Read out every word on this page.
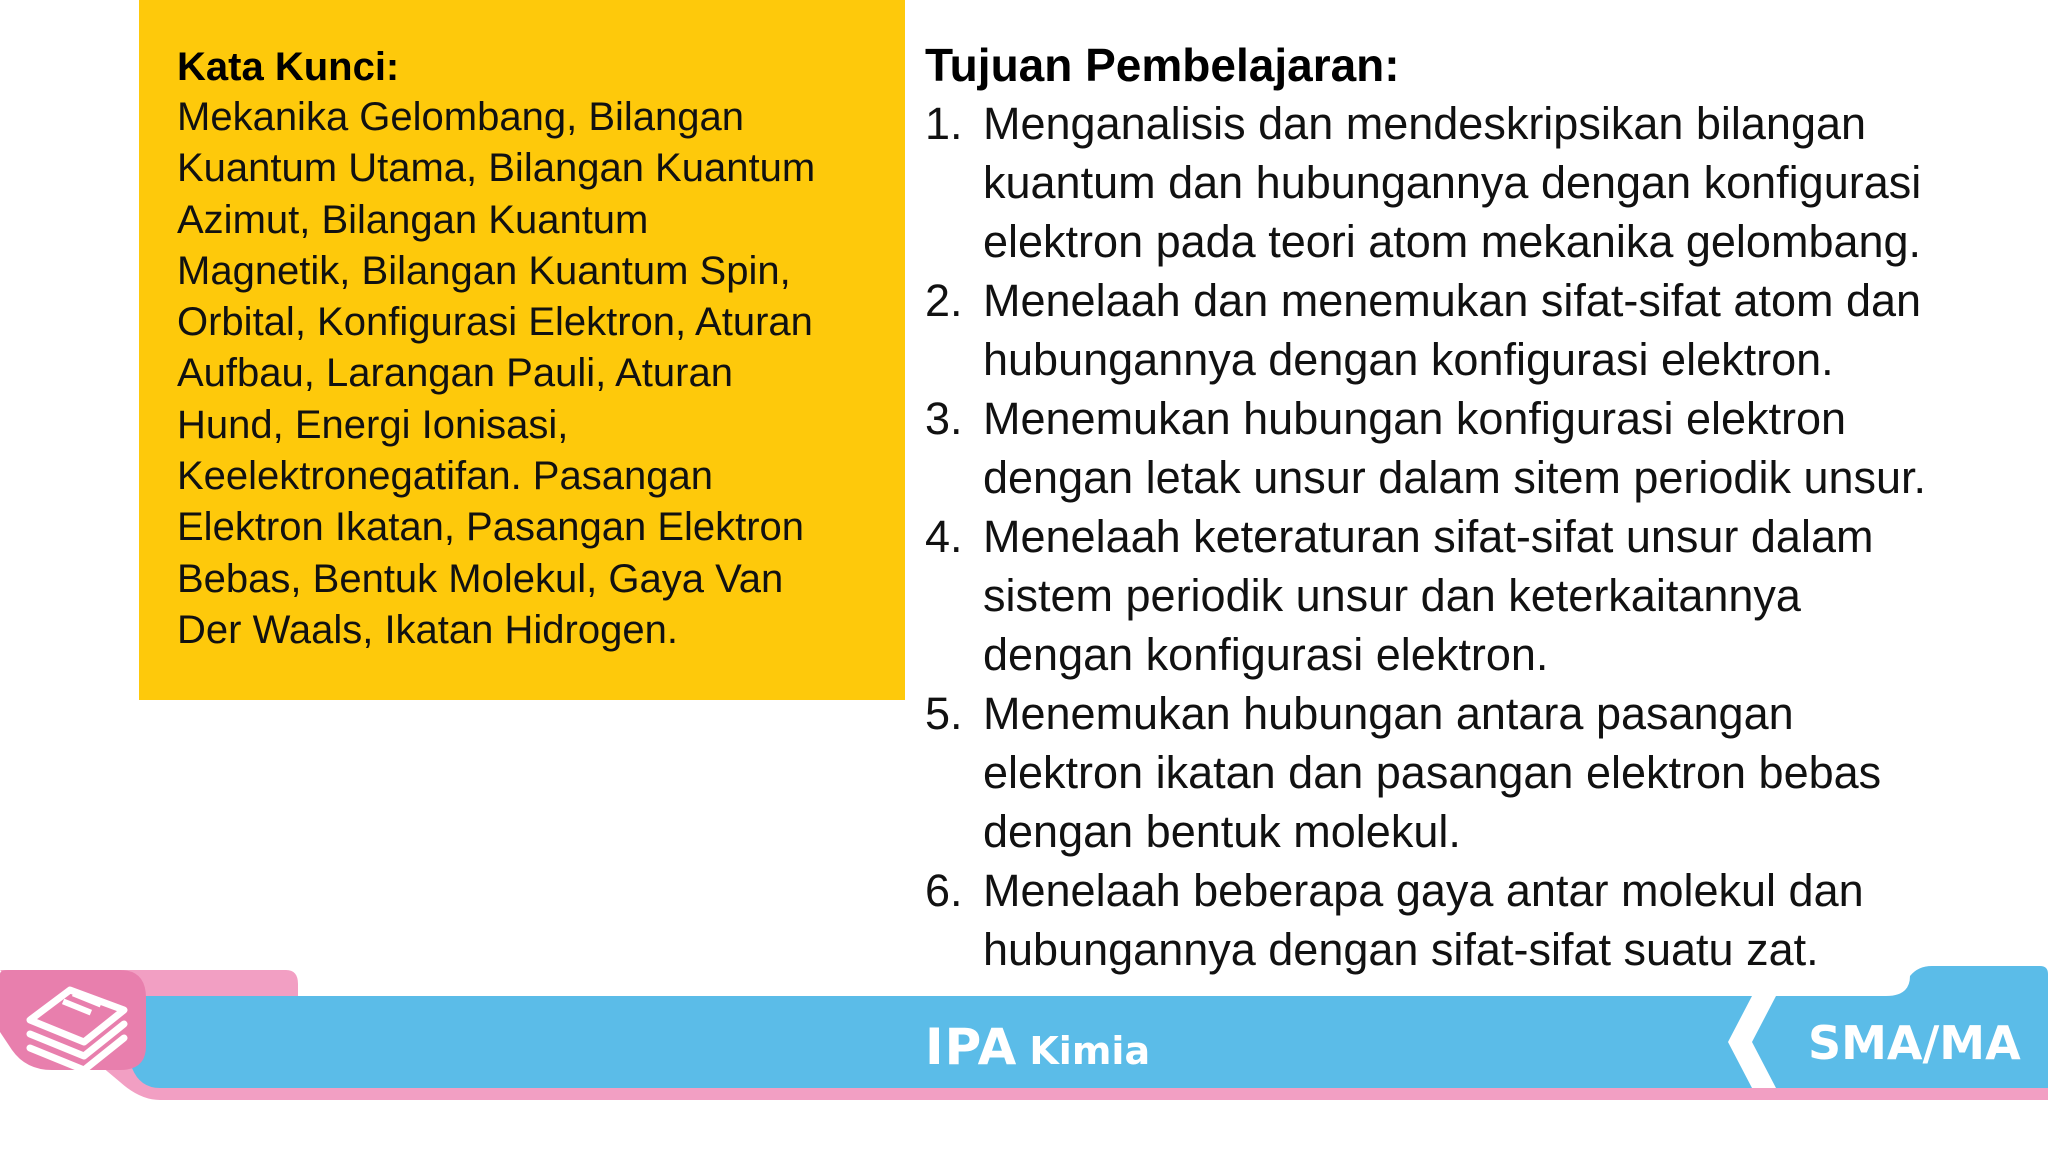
Kata Kunci:
Mekanika Gelombang, Bilangan
Kuantum Utama, Bilangan Kuantum
Azimut, Bilangan Kuantum
Magnetik, Bilangan Kuantum Spin,
Orbital, Konfigurasi Elektron, Aturan
Aufbau, Larangan Pauli, Aturan
Hund, Energi Ionisasi,
Keelektronegatifan. Pasangan
Elektron Ikatan, Pasangan Elektron
Bebas, Bentuk Molekul, Gaya Van
Der Waals, Ikatan Hidrogen.
Tujuan Pembelajaran:
1. Menganalisis dan mendeskripsikan bilangan
kuantum dan hubungannya dengan konfigurasi
elektron pada teori atom mekanika gelombang.
2. Menelaah dan menemukan sifat-sifat atom dan
hubungannya dengan konfigurasi elektron.
3. Menemukan hubungan konfigurasi elektron
dengan letak unsur dalam sitem periodik unsur.
4. Menelaah keteraturan sifat-sifat unsur dalam
sistem periodik unsur dan keterkaitannya
dengan konfigurasi elektron.
5. Menemukan hubungan antara pasangan
elektron ikatan dan pasangan elektron bebas
dengan bentuk molekul.
6. Menelaah beberapa gaya antar molekul dan
hubungannya dengan sifat-sifat suatu zat.
IPA Kimia	SMA/MA
